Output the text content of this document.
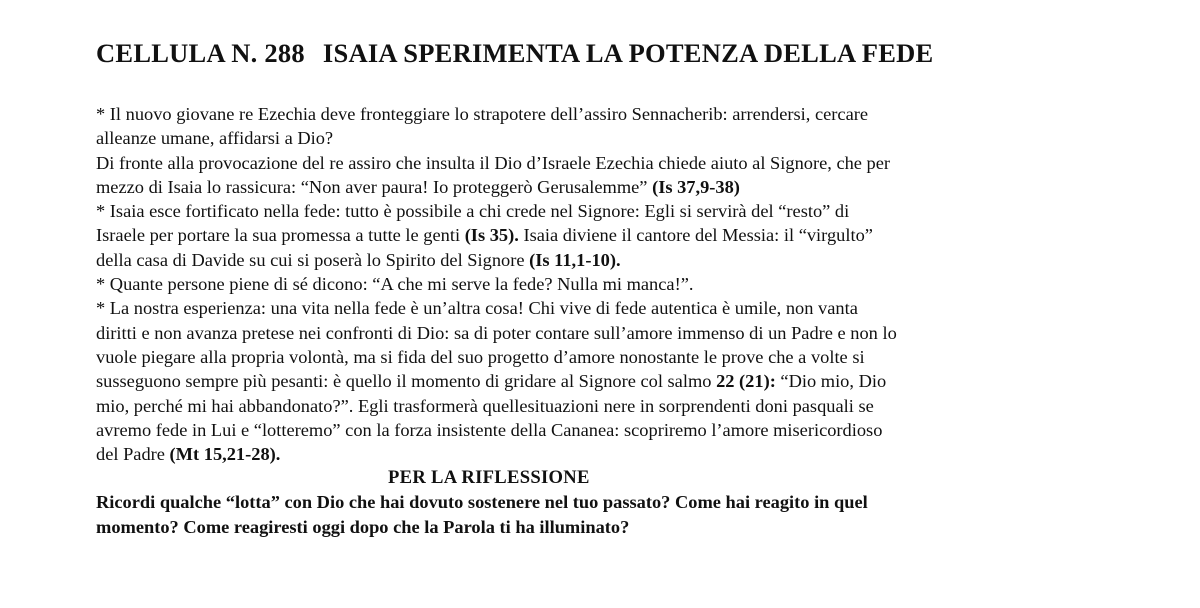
CELLULA N. 288 ISAIA SPERIMENTA LA POTENZA DELLA FEDE
* Il nuovo giovane re Ezechia deve fronteggiare lo strapotere dell’assiro Sennacherib: arrendersi, cercare
alleanze umane, affidarsi a Dio?
Di fronte alla provocazione del re assiro che insulta il Dio d’Israele Ezechia chiede aiuto al Signore, che per
mezzo di Isaia lo rassicura: “Non aver paura! Io proteggerò Gerusalemme” (Is 37,9-38)
* Isaia esce fortificato nella fede: tutto è possibile a chi crede nel Signore: Egli si servirà del “resto” di
Israele per portare la sua promessa a tutte le genti (Is 35). Isaia diviene il cantore del Messia: il “virgulto”
della casa di Davide su cui si poserà lo Spirito del Signore (Is 11,1-10).
* Quante persone piene di sé dicono: “A che mi serve la fede? Nulla mi manca!”.
* La nostra esperienza: una vita nella fede è un’altra cosa! Chi vive di fede autentica è umile, non vanta
diritti e non avanza pretese nei confronti di Dio: sa di poter contare sull’amore immenso di un Padre e non lo
vuole piegare alla propria volontà, ma si fida del suo progetto d’amore nonostante le prove che a volte si
susseguono sempre più pesanti: è quello il momento di gridare al Signore col salmo 22 (21): “Dio mio, Dio
mio, perché mi hai abbandonato?”. Egli trasformerà quellesituazioni nere in sorprendenti doni pasquali se
avremo fede in Lui e “lotteremo” con la forza insistente della Cananea: scopriremo l’amore misericordioso
del Padre (Mt 15,21-28).
PER LA RIFLESSIONE
Ricordi qualche “lotta” con Dio che hai dovuto sostenere nel tuo passato? Come hai reagito in quel
momento? Come reagiresti oggi dopo che la Parola ti ha illuminato?
